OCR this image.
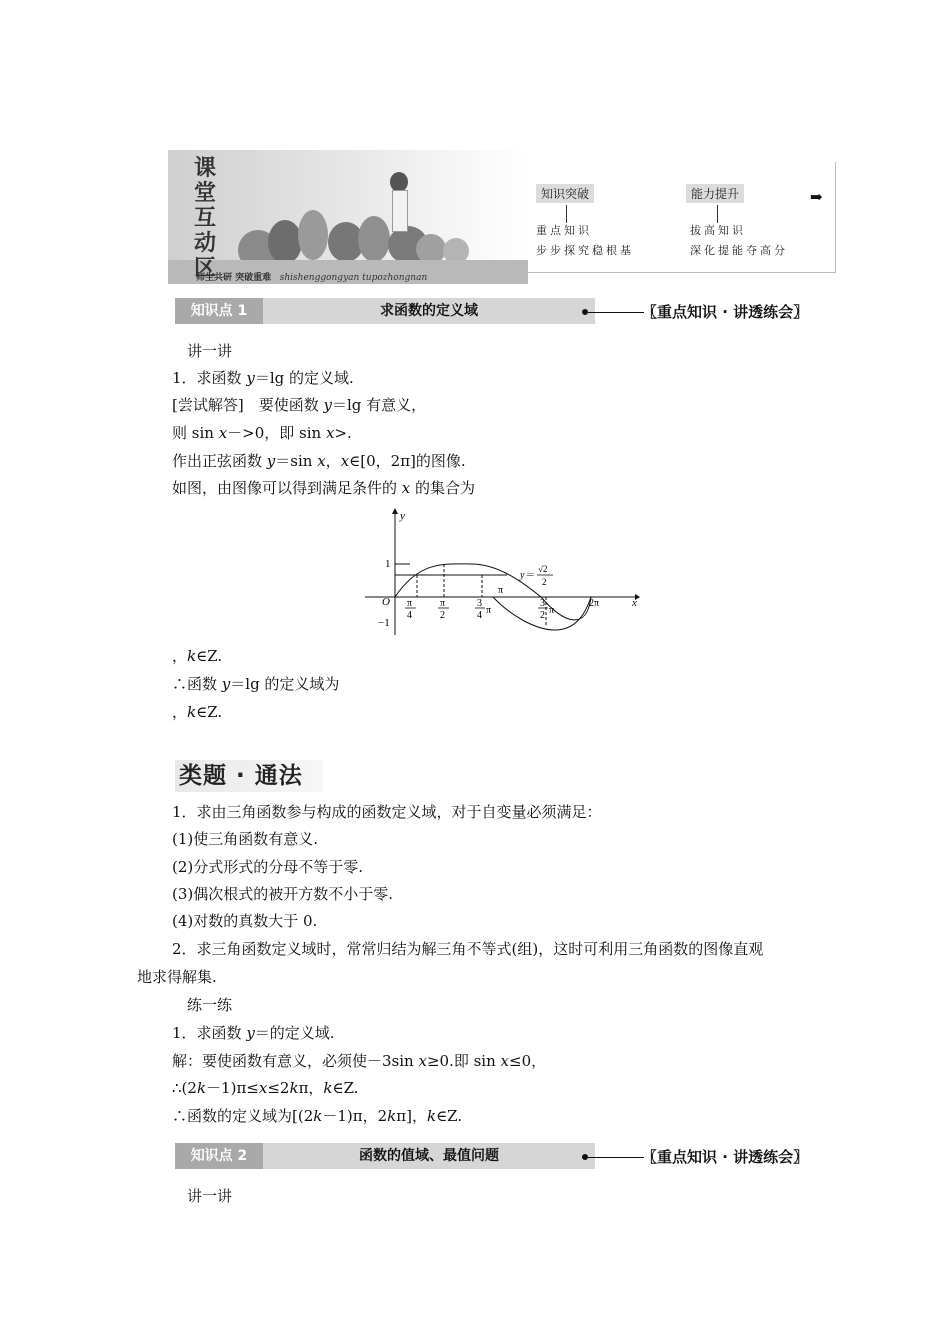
课
堂
互
动
区
师生共研 突破重难 shishenggongyan tupozhongnan
知识突破	➡
能力提升
重点知识
步步探究稳根基
拔高知识
深化提能夺高分
知识点 1	求函数的定义域	〖重点知识 · 讲透练会〗
讲一讲
1．求函数 y＝lg 的定义域.
[尝试解答]　要使函数 y＝lg 有意义，
则 sin x－>0，即 sin x>.
作出正弦函数 y＝sin x，x∈[0，2π]的图像.
如图，由图像可以得到满足条件的 x 的集合为
y
x
O
1
−1
π
4
π
2
3
4 π
π
3
2 π
2π
y＝
√2
2
，k∈Z.
∴函数 y＝lg 的定义域为
，k∈Z.
类题 · 通法
1．求由三角函数参与构成的函数定义域，对于自变量必须满足：
(1)使三角函数有意义.
(2)分式形式的分母不等于零.
(3)偶次根式的被开方数不小于零.
(4)对数的真数大于 0.
2．求三角函数定义域时，常常归结为解三角不等式(组)，这时可利用三角函数的图像直观
地求得解集.
练一练
1．求函数 y＝的定义域.
解：要使函数有意义，必须使－3sin x≥0.即 sin x≤0，
∴(2k－1)π≤x≤2kπ，k∈Z.
∴函数的定义域为[(2k－1)π，2kπ]，k∈Z.
知识点 2	函数的值域、最值问题	〖重点知识 · 讲透练会〗
讲一讲
